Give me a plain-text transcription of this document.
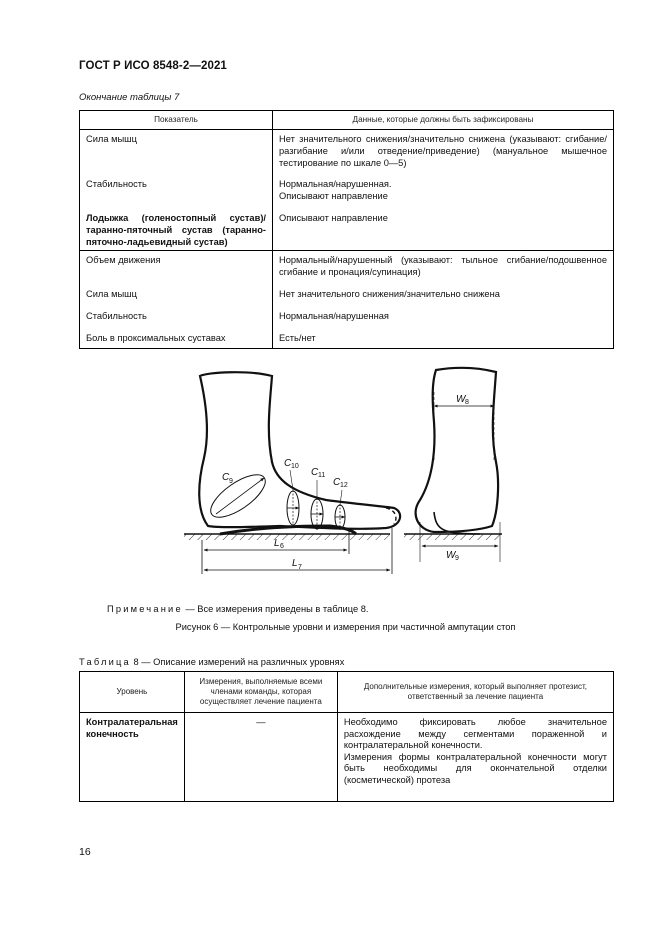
ГОСТ Р ИСО 8548-2—2021
Окончание таблицы 7
Показатель	Данные, которые должны быть зафиксированы
Сила мышц	Нет значительного снижения/значительно снижена (указывают: сгибание/разгибание и/или отведение/приведение) (мануальное мышечное тестирование по шкале 0—5)
Стабильность	Нормальная/нарушенная.
Описывают направление

Лодыжка (голеностопный сустав)/таранно-пяточный сустав (таранно-пяточно-ладьевидный сустав)	Описывают направление
Объем движения	Нормальный/нарушенный (указывают: тыльное сгибание/подошвенное сгибание и пронация/супинация)
Сила мышц	Нет значительного снижения/значительно снижена
Стабильность	Нормальная/нарушенная
Боль в проксимальных суставах	Есть/нет
C 9
C 10
C 11
C 12
L 6
L 7
W 8
W 9
Примечание — Все измерения приведены в таблице 8.
Рисунок 6 — Контрольные уровни и измерения при частичной ампутации стоп
Таблица 8 — Описание измерений на различных уровнях
Уровень	Измерения, выполняемые всеми членами команды, которая осуществляет лечение пациента	Дополнительные измерения, который выполняет протезист, ответственный за лечение пациента
Контралатеральная конечность	—	Необходимо фиксировать любое значительное расхождение между сегментами пораженной и контралатеральной конечности.
Измерения формы контралатеральной конечности могут быть необходимы для окончательной отделки (косметической) протеза
16
